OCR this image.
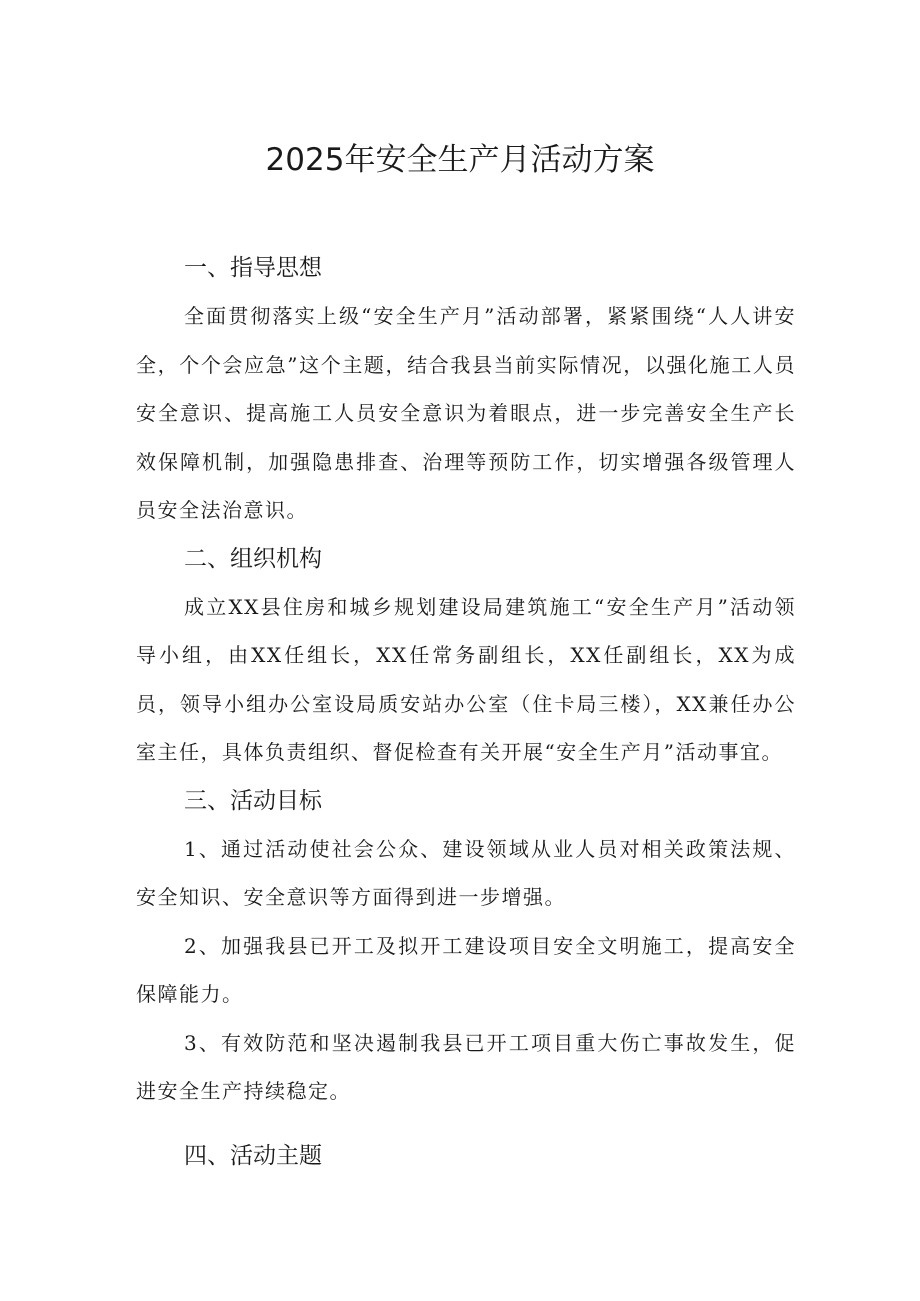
2025年安全生产月活动方案
一、指导思想

全面贯彻落实上级“安全生产月”活动部署，紧紧围绕“人人讲安全，个个会应急”这个主题，结合我县当前实际情况，以强化施工人员安全意识、提高施工人员安全意识为着眼点，进一步完善安全生产长效保障机制，加强隐患排查、治理等预防工作，切实增强各级管理人员安全法治意识。

二、组织机构

成立XX县住房和城乡规划建设局建筑施工“安全生产月”活动领导小组，由XX任组长，XX任常务副组长，XX任副组长，XX为成员，领导小组办公室设局质安站办公室（住卡局三楼），XX兼任办公室主任，具体负责组织、督促检查有关开展“安全生产月”活动事宜。

三、活动目标

1、通过活动使社会公众、建设领域从业人员对相关政策法规、安全知识、安全意识等方面得到进一步增强。

2、加强我县已开工及拟开工建设项目安全文明施工，提高安全保障能力。

3、有效防范和坚决遏制我县已开工项目重大伤亡事故发生，促进安全生产持续稳定。

四、活动主题
